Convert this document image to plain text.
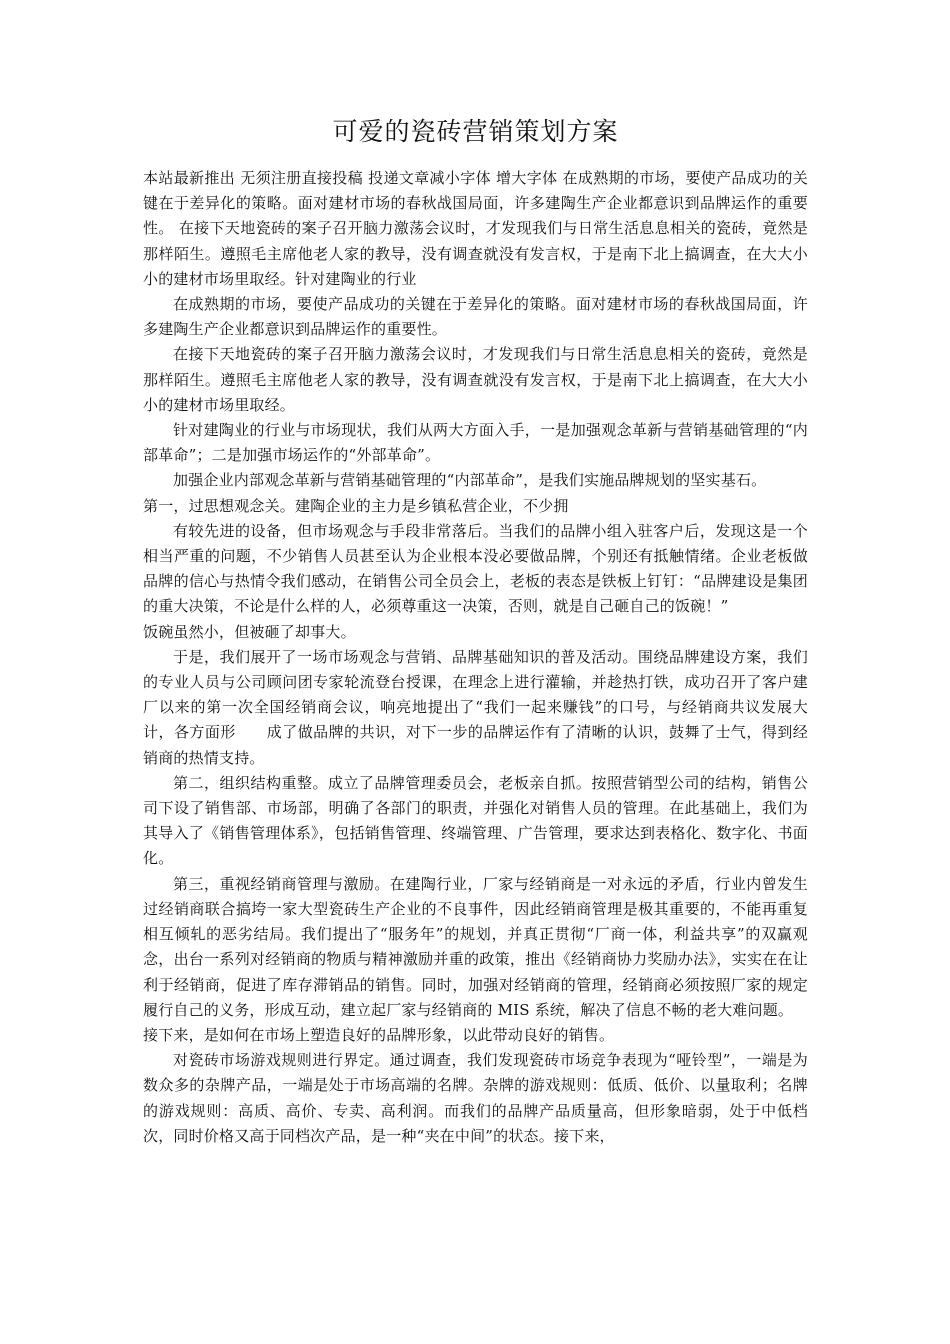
可爱的瓷砖营销策划方案

本站最新推出 无须注册直接投稿 投递文章减小字体 增大字体 在成熟期的市场，要使产品成功的关键在于差异化的策略。面对建材市场的春秋战国局面，许多建陶生产企业都意识到品牌运作的重要性。 在接下天地瓷砖的案子召开脑力激荡会议时，才发现我们与日常生活息息相关的瓷砖，竟然是那样陌生。遵照毛主席他老人家的教导，没有调查就没有发言权，于是南下北上搞调查，在大大小小的建材市场里取经。针对建陶业的行业

在成熟期的市场，要使产品成功的关键在于差异化的策略。面对建材市场的春秋战国局面，许多建陶生产企业都意识到品牌运作的重要性。

在接下天地瓷砖的案子召开脑力激荡会议时，才发现我们与日常生活息息相关的瓷砖，竟然是那样陌生。遵照毛主席他老人家的教导，没有调查就没有发言权，于是南下北上搞调查，在大大小小的建材市场里取经。

针对建陶业的行业与市场现状，我们从两大方面入手，一是加强观念革新与营销基础管理的“内部革命”；二是加强市场运作的“外部革命”。

加强企业内部观念革新与营销基础管理的“内部革命”，是我们实施品牌规划的坚实基石。

第一，过思想观念关。建陶企业的主力是乡镇私营企业，不少拥

有较先进的设备，但市场观念与手段非常落后。当我们的品牌小组入驻客户后，发现这是一个相当严重的问题，不少销售人员甚至认为企业根本没必要做品牌，个别还有抵触情绪。企业老板做品牌的信心与热情令我们感动，在销售公司全员会上，老板的表态是铁板上钉钉：“品牌建设是集团的重大决策，不论是什么样的人，必须尊重这一决策，否则，就是自己砸自己的饭碗！”

饭碗虽然小，但被砸了却事大。

于是，我们展开了一场市场观念与营销、品牌基础知识的普及活动。围绕品牌建设方案，我们的专业人员与公司顾问团专家轮流登台授课，在理念上进行灌输，并趁热打铁，成功召开了客户建厂以来的第一次全国经销商会议，响亮地提出了“我们一起来赚钱”的口号，与经销商共议发展大计，各方面形　　成了做品牌的共识，对下一步的品牌运作有了清晰的认识，鼓舞了士气，得到经销商的热情支持。

第二，组织结构重整。成立了品牌管理委员会，老板亲自抓。按照营销型公司的结构，销售公司下设了销售部、市场部，明确了各部门的职责，并强化对销售人员的管理。在此基础上，我们为其导入了《销售管理体系》，包括销售管理、终端管理、广告管理，要求达到表格化、数字化、书面化。

第三，重视经销商管理与激励。在建陶行业，厂家与经销商是一对永远的矛盾，行业内曾发生过经销商联合搞垮一家大型瓷砖生产企业的不良事件，因此经销商管理是极其重要的，不能再重复相互倾轧的恶劣结局。我们提出了“服务年”的规划，并真正贯彻“厂商一体，利益共享”的双赢观念，出台一系列对经销商的物质与精神激励并重的政策，推出《经销商协力奖励办法》，实实在在让利于经销商，促进了库存滞销品的销售。同时，加强对经销商的管理，经销商必须按照厂家的规定履行自己的义务，形成互动，建立起厂家与经销商的 MIS 系统，解决了信息不畅的老大难问题。

接下来，是如何在市场上塑造良好的品牌形象，以此带动良好的销售。

对瓷砖市场游戏规则进行界定。通过调查，我们发现瓷砖市场竞争表现为“哑铃型”，一端是为数众多的杂牌产品，一端是处于市场高端的名牌。杂牌的游戏规则：低质、低价、以量取利；名牌的游戏规则：高质、高价、专卖、高利润。而我们的品牌产品质量高，但形象暗弱，处于中低档次，同时价格又高于同档次产品，是一种“夹在中间”的状态。接下来，
